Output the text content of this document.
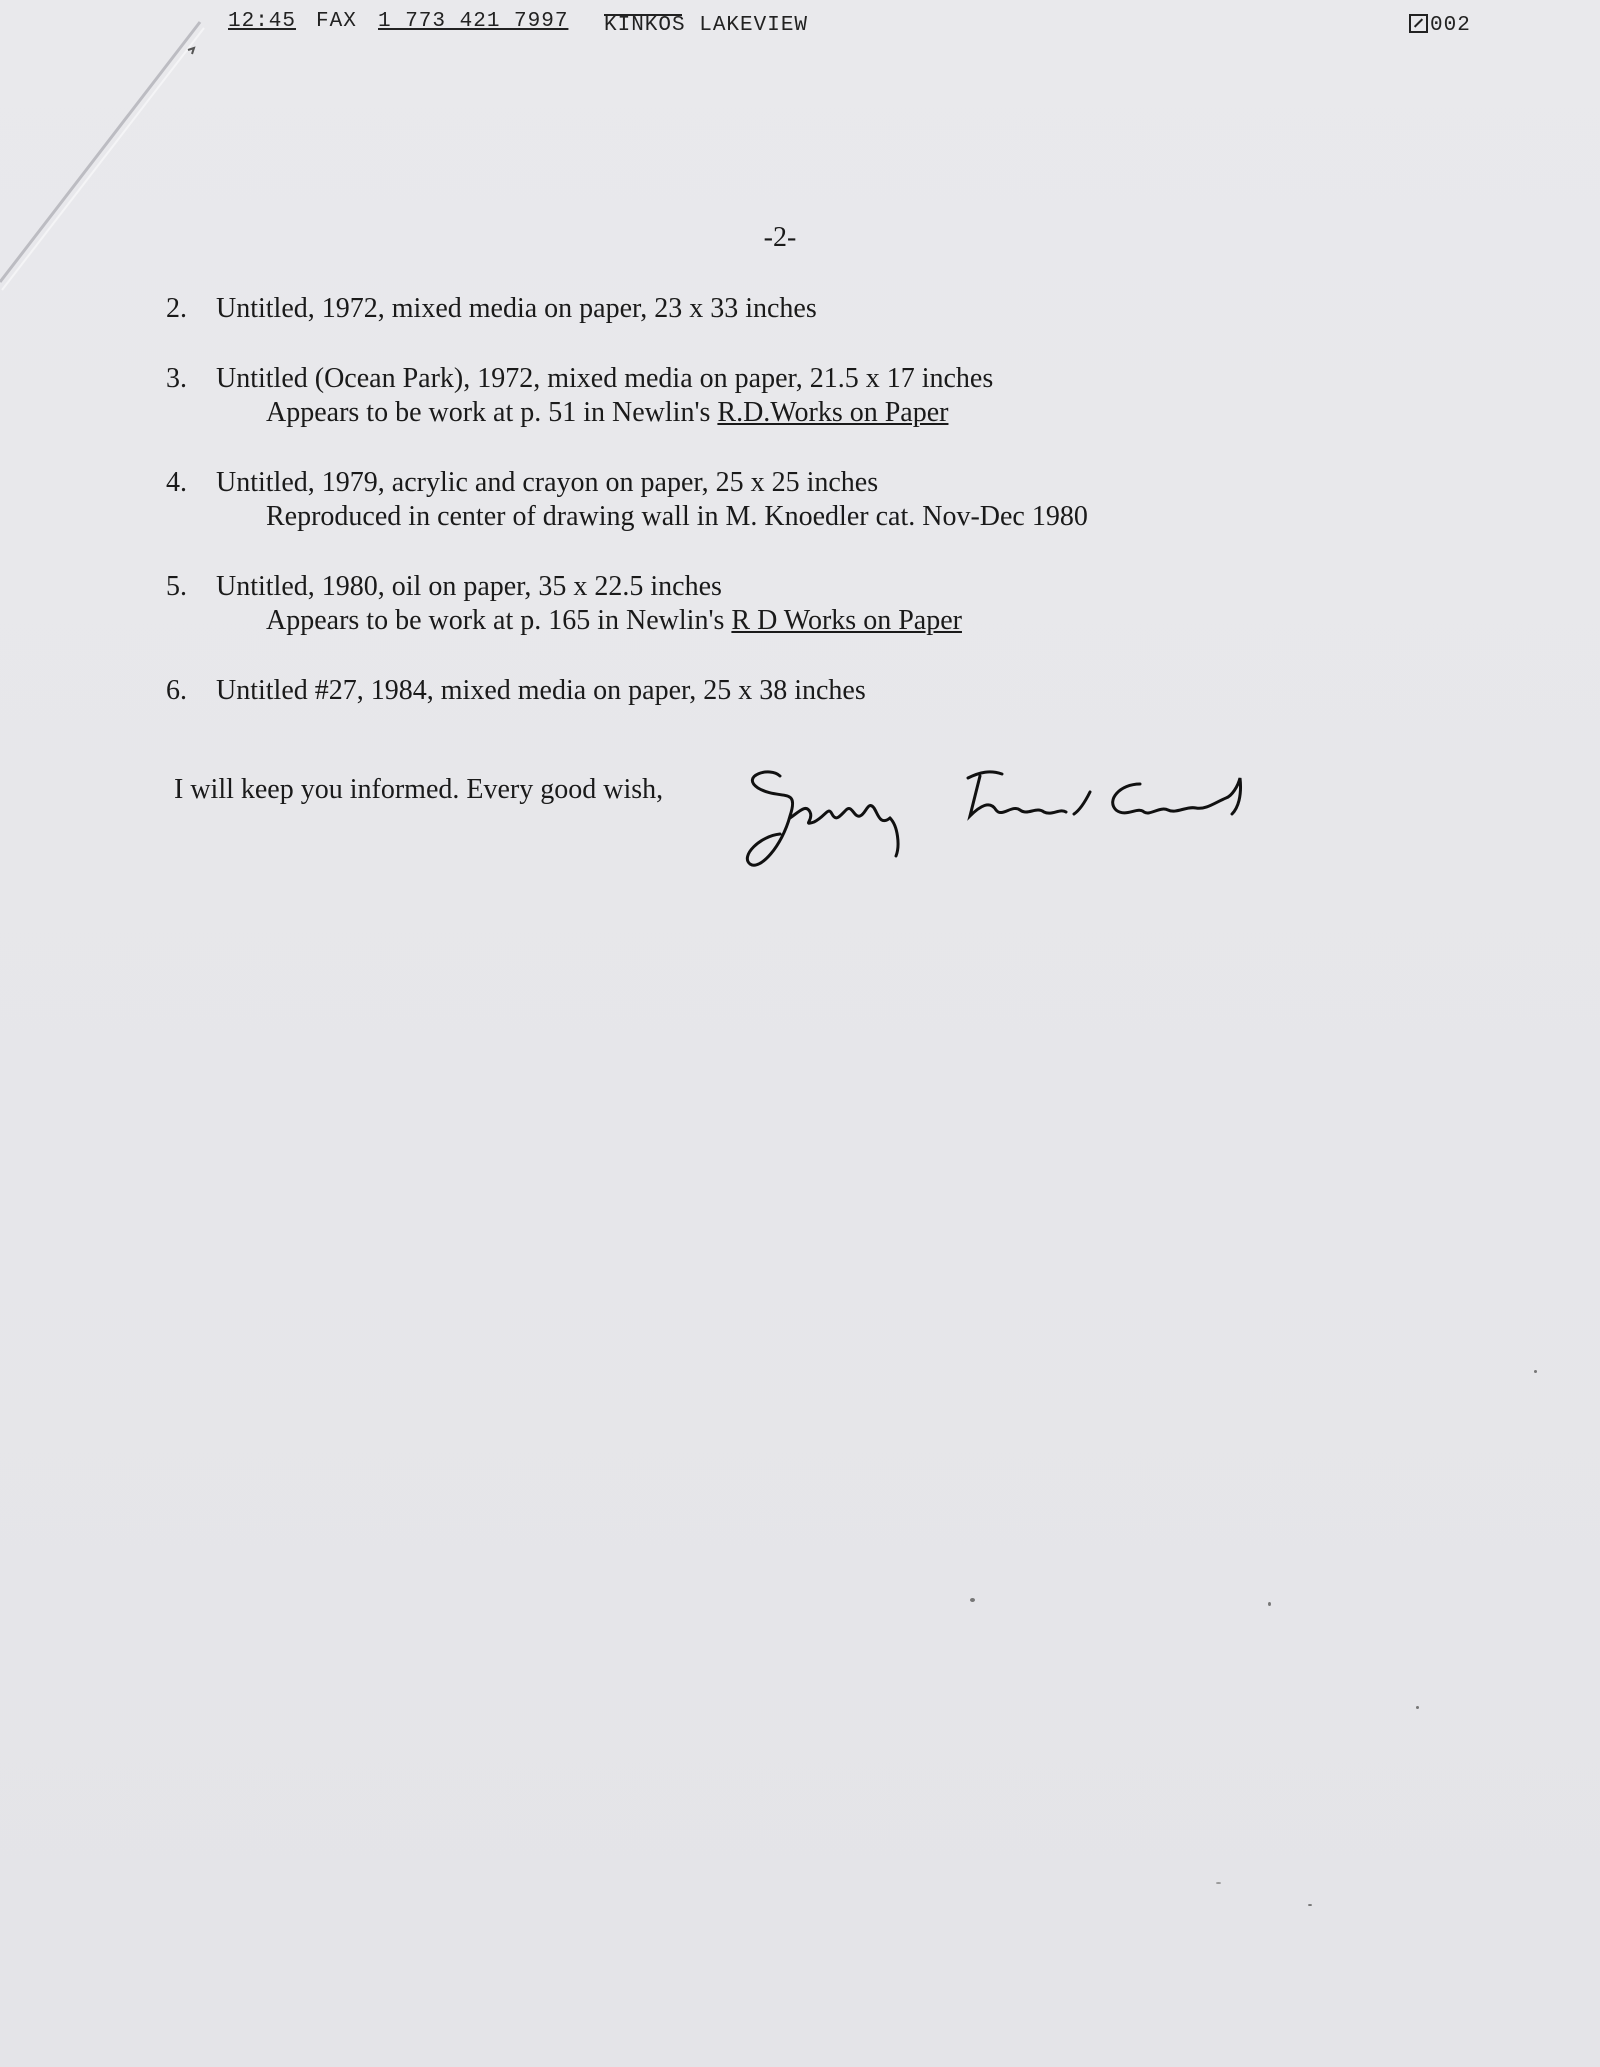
12:45 FAX 1 773 421 7997 KINKOS LAKEVIEW	002
-2-
2. Untitled, 1972, mixed media on paper, 23 x 33 inches
3. Untitled (Ocean Park), 1972, mixed media on paper, 21.5 x 17 inches
Appears to be work at p. 51 in Newlin's R.D.Works on Paper
4. Untitled, 1979, acrylic and crayon on paper, 25 x 25 inches
Reproduced in center of drawing wall in M. Knoedler cat. Nov-Dec 1980
5. Untitled, 1980, oil on paper, 35 x 22.5 inches
Appears to be work at p. 165 in Newlin's R D Works on Paper
6. Untitled #27, 1984, mixed media on paper, 25 x 38 inches
I will keep you informed. Every good wish,
